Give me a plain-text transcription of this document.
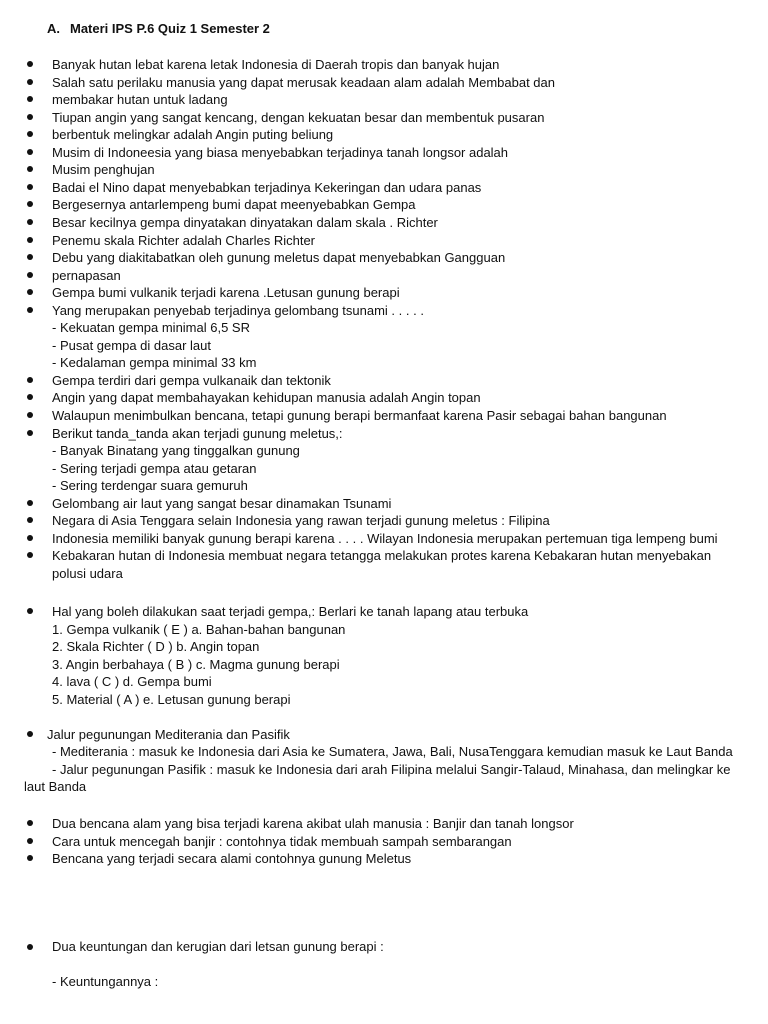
A. Materi IPS P.6 Quiz 1 Semester 2
Banyak hutan lebat karena letak Indonesia di Daerah tropis dan banyak hujan
Salah satu perilaku manusia yang dapat merusak keadaan alam adalah Membabat dan
membakar hutan untuk ladang
Tiupan angin yang sangat kencang, dengan kekuatan besar dan membentuk pusaran
berbentuk melingkar adalah Angin puting beliung
Musim di Indoneesia yang biasa menyebabkan terjadinya tanah longsor adalah
Musim penghujan
Badai el Nino dapat menyebabkan terjadinya Kekeringan dan udara panas
Bergesernya antarlempeng bumi dapat meenyebabkan Gempa
Besar kecilnya gempa dinyatakan dinyatakan dalam skala . Richter
Penemu skala Richter adalah Charles Richter
Debu yang diakitabatkan oleh gunung meletus dapat menyebabkan Gangguan
pernapasan
Gempa bumi vulkanik terjadi karena .Letusan gunung berapi
Yang merupakan penyebab terjadinya gelombang tsunami . . . . .
- Kekuatan gempa minimal 6,5 SR
- Pusat gempa di dasar laut
- Kedalaman gempa minimal 33 km
Gempa terdiri dari gempa vulkanaik dan tektonik
Angin yang dapat membahayakan kehidupan manusia adalah Angin topan
Walaupun menimbulkan bencana, tetapi gunung berapi bermanfaat karena Pasir sebagai bahan bangunan
Berikut tanda_tanda akan terjadi gunung meletus,:
- Banyak Binatang yang tinggalkan gunung
- Sering terjadi gempa atau getaran
- Sering terdengar suara gemuruh
Gelombang air laut yang sangat besar dinamakan Tsunami
Negara di Asia Tenggara selain Indonesia yang rawan terjadi gunung meletus : Filipina
Indonesia memiliki banyak gunung berapi karena . . . . Wilayan Indonesia merupakan pertemuan tiga lempeng bumi
Kebakaran hutan di Indonesia membuat negara tetangga melakukan protes karena Kebakaran hutan menyebakan
polusi udara
Hal yang boleh dilakukan saat terjadi gempa,: Berlari ke tanah lapang atau terbuka
1. Gempa vulkanik ( E ) a. Bahan-bahan bangunan
2. Skala Richter ( D ) b. Angin topan
3. Angin berbahaya ( B ) c. Magma gunung berapi
4. lava ( C ) d. Gempa bumi
5. Material ( A ) e. Letusan gunung berapi
Jalur pegunungan Mediterania dan Pasifik
- Mediterania : masuk ke Indonesia dari Asia ke Sumatera, Jawa, Bali, NusaTenggara kemudian masuk ke Laut Banda
- Jalur pegunungan Pasifik : masuk ke Indonesia dari arah Filipina melalui Sangir-Talaud, Minahasa, dan melingkar ke
laut Banda
Dua bencana alam yang bisa terjadi karena akibat ulah manusia : Banjir dan tanah longsor
Cara untuk mencegah banjir : contohnya tidak membuah sampah sembarangan
Bencana yang terjadi secara alami contohnya gunung Meletus
Dua keuntungan dan kerugian dari letsan gunung berapi :
- Keuntungannya :
